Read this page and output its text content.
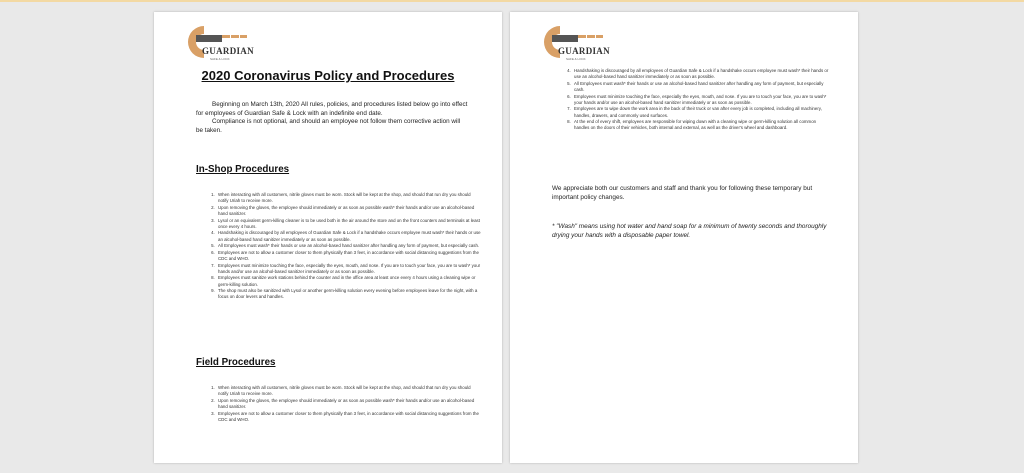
GUARDIAN
SAFE & LOCK
2020 Coronavirus Policy and Procedures

Beginning on March 13th, 2020 All rules, policies, and procedures listed below go into effect for employees of Guardian Safe & Lock with an indefinite end date.

Compliance is not optional, and should an employee not follow them corrective action will be taken.

In-Shop Procedures
1. When interacting with all customers, nitrile gloves must be worn. Stock will be kept at the shop, and should that run dry you should notify Uriah to receive more.
2. Upon removing the gloves, the employee should immediately or as soon as possible wash* their hands and/or use an alcohol-based hand sanitizer.
3. Lysol or an equivalent germ-killing cleaner is to be used both in the air around the store and on the front counters and terminals at least once every 4 hours.
4. Handshaking is discouraged by all employees of Guardian Safe & Lock if a handshake occurs employee must wash* their hands or use an alcohol-based hand sanitizer immediately or as soon as possible.
5. All Employees must wash* their hands or use an alcohol-based hand sanitizer after handling any form of payment, but especially cash.
6. Employees are not to allow a customer closer to them physically than 3 feet, in accordance with social distancing suggestions from the CDC and WHO.
7. Employees must minimize touching the face, especially the eyes, mouth, and nose. If you are to touch your face, you are to wash* your hands and/or use an alcohol-based sanitizer immediately or as soon as possible.
8. Employees must sanitize work stations behind the counter and in the office area at least once every 4 hours using a cleaning wipe or germ-killing solution.
9. The shop must also be sanitized with Lysol or another germ-killing solution every evening before employees leave for the night, with a focus on door levers and handles.
Field Procedures
1. When interacting with all customers, nitrile gloves must be worn. Stock will be kept at the shop, and should that run dry you should notify Uriah to receive more.
2. Upon removing the gloves, the employee should immediately or as soon as possible wash* their hands and/or use an alcohol-based hand sanitizer.
3. Employees are not to allow a customer closer to them physically than 3 feet, in accordance with social distancing suggestions from the CDC and WHO.
GUARDIAN
SAFE & LOCK
4. Handshaking is discouraged by all employees of Guardian Safe & Lock if a handshake occurs employee must wash* their hands or use an alcohol-based hand sanitizer immediately or as soon as possible.
5. All Employees must wash* their hands or use an alcohol-based hand sanitizer after handling any form of payment, but especially cash.
6. Employees must minimize touching the face, especially the eyes, mouth, and nose. If you are to touch your face, you are to wash* your hands and/or use an alcohol-based hand sanitizer immediately or as soon as possible.
7. Employees are to wipe down the work area in the back of their truck or van after every job is completed, including all machinery, handles, drawers, and commonly used surfaces.
8. At the end of every shift, employees are responsible for wiping down with a cleaning wipe or germ-killing solution all common handles on the doors of their vehicles, both internal and external, as well as the driver's wheel and dashboard.
We appreciate both our customers and staff and thank you for following these temporary but important policy changes.
* "Wash" means using hot water and hand soap for a minimum of twenty seconds and thoroughly drying your hands with a disposable paper towel.
